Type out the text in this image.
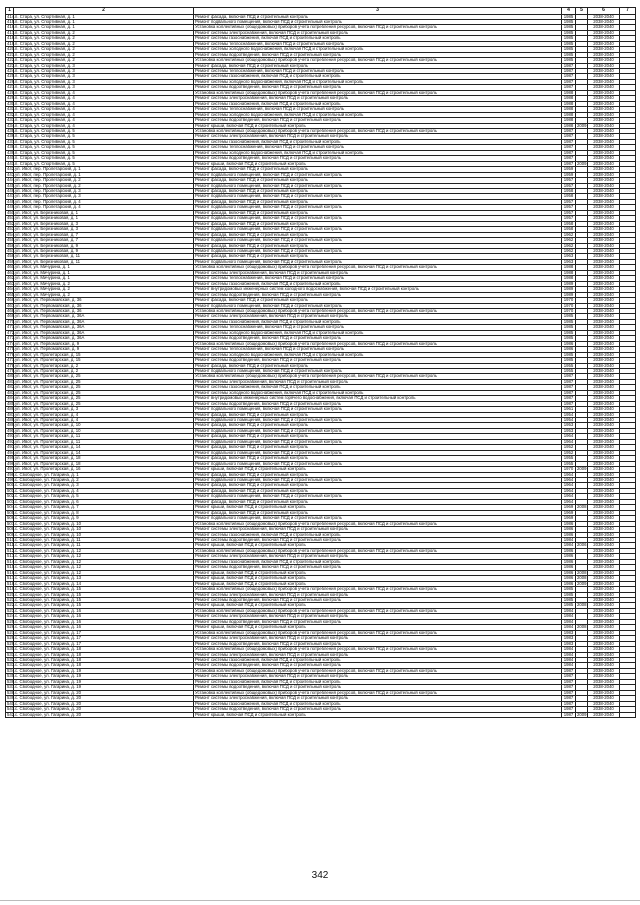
1	2	3	4	5	6	7
414.	п. Стара, ул. Спортивная, д. 1	Ремонт фасада, включая ПСД и строительный контроль	1985		2038-2040	
415.	п. Стара, ул. Спортивная, д. 1	Ремонт подвального помещения, включая ПСД и строительный контроль	1985		2038-2040	
416.	п. Стара, ул. Спортивная, д. 1	Установка коллективных (общедомовых) приборов учета потребления ресурсов, включая ПСД и строительный контроль	1985		2038-2040	
417.	п. Стара, ул. Спортивная, д. 2	Ремонт системы электроснабжения, включая ПСД и строительный контроль	1985		2038-2040	
418.	п. Стара, ул. Спортивная, д. 2	Ремонт системы газоснабжения, включая ПСД и строительный контроль	1985		2038-2040	
419.	п. Стара, ул. Спортивная, д. 2	Ремонт системы теплоснабжения, включая ПСД и строительный контроль	1985		2038-2040	
420.	п. Стара, ул. Спортивная, д. 2	Ремонт системы холодного водоснабжения, включая ПСД и строительный контроль	1985		2038-2040	
421.	п. Стара, ул. Спортивная, д. 2	Ремонт системы водоотведения, включая ПСД и строительный контроль	1985		2038-2040	
422.	п. Стара, ул. Спортивная, д. 2	Установка коллективных (общедомовых) приборов учета потребления ресурсов, включая ПСД и строительный контроль	1985		2038-2040	
423.	п. Стара, ул. Спортивная, д. 3	Ремонт фасада, включая ПСД и строительный контроль	1987		2038-2040	
424.	п. Стара, ул. Спортивная, д. 3	Ремонт системы теплоснабжения, включая ПСД и строительный контроль	1987		2038-2040	
425.	п. Стара, ул. Спортивная, д. 3	Ремонт системы газоснабжения, включая ПСД и строительный контроль	1987		2038-2040	
426.	п. Стара, ул. Спортивная, д. 3	Ремонт системы холодного водоснабжения, включая ПСД и строительный контроль	1987		2038-2040	
427.	п. Стара, ул. Спортивная, д. 3	Ремонт системы водоотведения, включая ПСД и строительный контроль	1987		2038-2040	
428.	п. Стара, ул. Спортивная, д. 4	Установка коллективных (общедомовых) приборов учета потребления ресурсов, включая ПСД и строительный контроль	1988		2038-2040	
429.	п. Стара, ул. Спортивная, д. 4	Ремонт системы электроснабжения, включая ПСД и строительный контроль	1988		2038-2040	
430.	п. Стара, ул. Спортивная, д. 4	Ремонт системы газоснабжения, включая ПСД и строительный контроль	1988		2038-2040	
431.	п. Стара, ул. Спортивная, д. 4	Ремонт системы теплоснабжения, включая ПСД и строительный контроль	1988		2038-2040	
432.	п. Стара, ул. Спортивная, д. 4	Ремонт системы холодного водоснабжения, включая ПСД и строительный контроль	1988		2038-2040	
433.	п. Стара, ул. Спортивная, д. 4	Ремонт системы водоотведения, включая ПСД и строительный контроль	1988		2038-2040	
434.	п. Стара, ул. Спортивная, д. 4	Ремонт крыши, включая ПСД и строительный контроль	1988	2009	2038-2040	
435.	п. Стара, ул. Спортивная, д. 5	Установка коллективных (общедомовых) приборов учета потребления ресурсов, включая ПСД и строительный контроль	1987		2038-2040	
436.	п. Стара, ул. Спортивная, д. 5	Ремонт системы электроснабжения, включая ПСД и строительный контроль	1987		2038-2040	
437.	п. Стара, ул. Спортивная, д. 5	Ремонт системы газоснабжения, включая ПСД и строительный контроль	1987		2038-2040	
438.	п. Стара, ул. Спортивная, д. 5	Ремонт системы теплоснабжения, включая ПСД и строительный контроль	1987		2038-2040	
439.	п. Стара, ул. Спортивная, д. 5	Ремонт системы холодного водоснабжения, включая ПСД и строительный контроль	1987		2038-2040	
440.	п. Стара, ул. Спортивная, д. 5	Ремонт системы водоотведения, включая ПСД и строительный контроль	1987		2038-2040	
441.	п. Стара, ул. Спортивная, д. 5	Ремонт крыши, включая ПСД и строительный контроль	1987	2009	2038-2040	
442.	ул. Ивот, пер. Пролетарский, д. 1	Ремонт фасада, включая ПСД и строительный контроль	1959		2038-2040	
443.	ул. Ивот, пер. Пролетарский, д. 1	Ремонт подвального помещения, включая ПСД и строительный контроль	1959		2038-2040	
444.	ул. Ивот, пер. Пролетарский, д. 2	Ремонт фасада, включая ПСД и строительный контроль	1957		2038-2040	
445.	ул. Ивот, пер. Пролетарский, д. 2	Ремонт подвального помещения, включая ПСД и строительный контроль	1957		2038-2040	
446.	ул. Ивот, пер. Пролетарский, д. 3	Ремонт фасада, включая ПСД и строительный контроль	1958		2038-2040	
447.	ул. Ивот, пер. Пролетарский, д. 3	Ремонт подвального помещения, включая ПСД и строительный контроль	1958		2038-2040	
448.	ул. Ивот, пер. Пролетарский, д. 4	Ремонт фасада, включая ПСД и строительный контроль	1957		2038-2040	
449.	ул. Ивот, пер. Пролетарский, д. 4	Ремонт подвального помещения, включая ПСД и строительный контроль	1957		2038-2040	
450.	ул. Ивот, ул. Березниковая, д. 1	Ремонт фасада, включая ПСД и строительный контроль	1957		2038-2040	
451.	ул. Ивот, ул. Березниковая, д. 1	Ремонт подвального помещения, включая ПСД и строительный контроль	1957		2038-2040	
452.	ул. Ивот, ул. Березниковая, д. 3	Ремонт фасада, включая ПСД и строительный контроль	1958		2038-2040	
453.	ул. Ивот, ул. Березниковая, д. 3	Ремонт подвального помещения, включая ПСД и строительный контроль	1958		2038-2040	
454.	ул. Ивот, ул. Березниковая, д. 7	Ремонт фасада, включая ПСД и строительный контроль	1962		2038-2040	
455.	ул. Ивот, ул. Березниковая, д. 7	Ремонт подвального помещения, включая ПСД и строительный контроль	1962		2038-2040	
456.	ул. Ивот, ул. Березниковая, д. 9	Ремонт фасада, включая ПСД и строительный контроль	1962		2038-2040	
457.	ул. Ивот, ул. Березниковая, д. 9	Ремонт подвального помещения, включая ПСД и строительный контроль	1962		2038-2040	
458.	ул. Ивот, ул. Березниковая, д. 11	Ремонт фасада, включая ПСД и строительный контроль	1963		2038-2040	
459.	ул. Ивот, ул. Березниковая, д. 11	Ремонт подвального помещения, включая ПСД и строительный контроль	1963		2038-2040	
460.	ул. Ивот, ул. Мичурина, д. 1	Установка коллективных (общедомовых) приборов учета потребления ресурсов, включая ПСД и строительный контроль	1988		2038-2040	
461.	ул. Ивот, ул. Мичурина, д. 1	Ремонт системы электроснабжения, включая ПСД и строительный контроль	1988		2038-2040	
462.	ул. Ивот, ул. Мичурина, д. 1	Ремонт системы теплоснабжения, включая ПСД и строительный контроль	1988		2038-2040	
463.	ул. Ивот, ул. Мичурина, д. 2	Ремонт системы газоснабжения, включая ПСД и строительный контроль	1989		2038-2040	
464.	ул. Ивот, ул. Мичурина, д. 2	Ремонт внутридомовых инженерных систем холодного водоснабжения, включая ПСД и строительный контроль	1989		2038-2040	
465.	ул. Ивот, ул. Мичурина, д. 2	Ремонт системы водоотведения, включая ПСД и строительный контроль	1989		2038-2040	
466.	ул. Ивот, ул. Первомайская, д. 36	Ремонт фасада, включая ПСД и строительный контроль	1970		2038-2040	
467.	ул. Ивот, ул. Первомайская, д. 36	Ремонт подвального помещения, включая ПСД и строительный контроль	1970		2038-2040	
468.	ул. Ивот, ул. Первомайская, д. 36	Установка коллективных (общедомовых) приборов учета потребления ресурсов, включая ПСД и строительный контроль	1970		2038-2040	
469.	ул. Ивот, ул. Первомайская, д. 36А	Ремонт системы электроснабжения, включая ПСД и строительный контроль	1985		2038-2040	
470.	ул. Ивот, ул. Первомайская, д. 36А	Ремонт системы газоснабжения, включая ПСД и строительный контроль	1985		2038-2040	
471.	ул. Ивот, ул. Первомайская, д. 36А	Ремонт системы теплоснабжения, включая ПСД и строительный контроль	1985		2038-2040	
472.	ул. Ивот, ул. Первомайская, д. 36А	Ремонт системы холодного водоснабжения, включая ПСД и строительный контроль	1985		2038-2040	
473.	ул. Ивот, ул. Первомайская, д. 36А	Ремонт системы водоотведения, включая ПСД и строительный контроль	1985		2038-2040	
474.	ул. Ивот, ул. Первомайская, д. 9	Установка коллективных (общедомовых) приборов учета потребления ресурсов, включая ПСД и строительный контроль	1986		2038-2040	
475.	ул. Ивот, ул. Первомайская, д. 9	Ремонт системы теплоснабжения, включая ПСД и строительный контроль	1986		2038-2040	
476.	ул. Ивот, ул. Пролетарская, д. 15	Ремонт системы холодного водоснабжения, включая ПСД и строительный контроль	1985		2038-2040	
477.	ул. Ивот, ул. Пролетарская, д. 15	Ремонт системы водоотведения, включая ПСД и строительный контроль	1985		2038-2040	
478.	ул. Ивот, ул. Пролетарская, д. 2	Ремонт фасада, включая ПСД и строительный контроль	1955		2038-2040	
479.	ул. Ивот, ул. Пролетарская, д. 2	Ремонт подвального помещения, включая ПСД и строительный контроль	1955		2038-2040	
480.	ул. Ивот, ул. Пролетарская, д. 25	Установка коллективных (общедомовых) приборов учета потребления ресурсов, включая ПСД и строительный контроль	1987		2038-2040	
481.	ул. Ивот, ул. Пролетарская, д. 25	Ремонт системы электроснабжения, включая ПСД и строительный контроль	1987		2038-2040	
482.	ул. Ивот, ул. Пролетарская, д. 25	Ремонт системы газоснабжения, включая ПСД и строительный контроль	1987		2038-2040	
483.	ул. Ивот, ул. Пролетарская, д. 25	Ремонт системы холодного водоснабжения, включая ПСД и строительный контроль	1987		2038-2040	
484.	ул. Ивот, ул. Пролетарская, д. 25	Ремонт внутридомовых инженерных систем горячего водоснабжения, включая ПСД и строительный контроль	1987		2038-2040	
485.	ул. Ивот, ул. Пролетарская, д. 25	Ремонт системы водоотведения, включая ПСД и строительный контроль	1987		2038-2040	
486.	ул. Ивот, ул. Пролетарская, д. 3	Ремонт подвального помещения, включая ПСД и строительный контроль	1961		2038-2040	
487.	ул. Ивот, ул. Пролетарская, д. 4	Ремонт фасада, включая ПСД и строительный контроль	1954		2038-2040	
488.	ул. Ивот, ул. Пролетарская, д. 4	Ремонт подвального помещения, включая ПСД и строительный контроль	1954		2038-2040	
489.	ул. Ивот, ул. Пролетарская, д. 10	Ремонт фасада, включая ПСД и строительный контроль	1953		2038-2040	
490.	ул. Ивот, ул. Пролетарская, д. 10	Ремонт подвального помещения, включая ПСД и строительный контроль	1953		2038-2040	
491.	ул. Ивот, ул. Пролетарская, д. 11	Ремонт фасада, включая ПСД и строительный контроль	1964		2038-2040	
492.	ул. Ивот, ул. Пролетарская, д. 11	Ремонт подвального помещения, включая ПСД и строительный контроль	1964		2038-2040	
493.	ул. Ивот, ул. Пролетарская, д. 14	Ремонт фасада, включая ПСД и строительный контроль	1952		2038-2040	
494.	ул. Ивот, ул. Пролетарская, д. 14	Ремонт подвального помещения, включая ПСД и строительный контроль	1952		2038-2040	
495.	ул. Ивот, ул. Пролетарская, д. 18	Ремонт фасада, включая ПСД и строительный контроль	1955		2038-2040	
496.	ул. Ивот, ул. Пролетарская, д. 18	Ремонт подвального помещения, включая ПСД и строительный контроль	1955		2038-2040	
497.	ул. Ивот, ул. Пролетарская, д. 16	Ремонт крыши, включая ПСД и строительный контроль	1970	2009	2038-2040	
498.	с. Свободное, ул. Гагарина, д. 1	Ремонт фасада, включая ПСД и строительный контроль	1964		2038-2040	
499.	с. Свободное, ул. Гагарина, д. 2	Ремонт подвального помещения, включая ПСД и строительный контроль	1964		2038-2040	
500.	с. Свободное, ул. Гагарина, д. 3	Ремонт фасада, включая ПСД и строительный контроль	1964		2038-2040	
501.	с. Свободное, ул. Гагарина, д. 4	Ремонт фасада, включая ПСД и строительный контроль	1964		2038-2040	
502.	с. Свободное, ул. Гагарина, д. 5	Ремонт подвального помещения, включая ПСД и строительный контроль	1964		2038-2040	
503.	с. Свободное, ул. Гагарина, д. 6	Ремонт фасада, включая ПСД и строительный контроль	1964		2038-2040	
504.	с. Свободное, ул. Гагарина, д. 7	Ремонт крыши, включая ПСД и строительный контроль	1969	2008	2038-2040	
505.	с. Свободное, ул. Гагарина, д. 8	Ремонт фасада, включая ПСД и строительный контроль	1969		2038-2040	
506.	с. Свободное, ул. Гагарина, д. 9	Ремонт подвального помещения, включая ПСД и строительный контроль	1969		2038-2040	
507.	с. Свободное, ул. Гагарина, д. 10	Установка коллективных (общедомовых) приборов учета потребления ресурсов, включая ПСД и строительный контроль	1986		2038-2040	
508.	с. Свободное, ул. Гагарина, д. 10	Ремонт системы электроснабжения, включая ПСД и строительный контроль	1986		2038-2040	
509.	с. Свободное, ул. Гагарина, д. 10	Ремонт системы газоснабжения, включая ПСД и строительный контроль	1986		2038-2040	
510.	с. Свободное, ул. Гагарина, д. 11	Ремонт системы водоотведения, включая ПСД и строительный контроль	1984		2038-2040	
511.	с. Свободное, ул. Гагарина, д. 11	Ремонт крыши, включая ПСД и строительный контроль	1984	2006	2038-2040	
512.	с. Свободное, ул. Гагарина, д. 12	Установка коллективных (общедомовых) приборов учета потребления ресурсов, включая ПСД и строительный контроль	1986		2038-2040	
513.	с. Свободное, ул. Гагарина, д. 12	Ремонт системы электроснабжения, включая ПСД и строительный контроль	1986		2038-2040	
514.	с. Свободное, ул. Гагарина, д. 12	Ремонт системы газоснабжения, включая ПСД и строительный контроль	1986		2038-2040	
515.	с. Свободное, ул. Гагарина, д. 12	Ремонт системы водоотведения, включая ПСД и строительный контроль	1986		2038-2040	
516.	с. Свободное, ул. Гагарина, д. 12	Ремонт крыши, включая ПСД и строительный контроль	1986	2008	2038-2040	
517.	с. Свободное, ул. Гагарина, д. 13	Ремонт крыши, включая ПСД и строительный контроль	1986	2008	2038-2040	
518.	с. Свободное, ул. Гагарина, д. 14	Ремонт крыши, включая ПСД и строительный контроль	1986	2009	2038-2040	
519.	с. Свободное, ул. Гагарина, д. 15	Установка коллективных (общедомовых) приборов учета потребления ресурсов, включая ПСД и строительный контроль	1985		2038-2040	
520.	с. Свободное, ул. Гагарина, д. 15	Ремонт системы электроснабжения, включая ПСД и строительный контроль	1985		2038-2040	
521.	с. Свободное, ул. Гагарина, д. 15	Ремонт системы водоотведения, включая ПСД и строительный контроль	1985		2038-2040	
522.	с. Свободное, ул. Гагарина, д. 15	Ремонт крыши, включая ПСД и строительный контроль	1985	2008	2038-2040	
523.	с. Свободное, ул. Гагарина, д. 16	Установка коллективных (общедомовых) приборов учета потребления ресурсов, включая ПСД и строительный контроль	1984		2038-2040	
524.	с. Свободное, ул. Гагарина, д. 16	Ремонт системы электроснабжения, включая ПСД и строительный контроль	1984		2038-2040	
525.	с. Свободное, ул. Гагарина, д. 16	Ремонт системы водоотведения, включая ПСД и строительный контроль	1984		2038-2040	
526.	с. Свободное, ул. Гагарина, д. 16	Ремонт крыши, включая ПСД и строительный контроль	1984	2008	2038-2040	
527.	с. Свободное, ул. Гагарина, д. 17	Установка коллективных (общедомовых) приборов учета потребления ресурсов, включая ПСД и строительный контроль	1983		2038-2040	
528.	с. Свободное, ул. Гагарина, д. 17	Ремонт системы электроснабжения, включая ПСД и строительный контроль	1983		2038-2040	
529.	с. Свободное, ул. Гагарина, д. 17	Ремонт системы водоотведения, включая ПСД и строительный контроль	1983		2038-2040	
530.	с. Свободное, ул. Гагарина, д. 18	Установка коллективных (общедомовых) приборов учета потребления ресурсов, включая ПСД и строительный контроль	1984		2038-2040	
531.	с. Свободное, ул. Гагарина, д. 18	Ремонт системы электроснабжения, включая ПСД и строительный контроль	1984		2038-2040	
532.	с. Свободное, ул. Гагарина, д. 18	Ремонт системы газоснабжения, включая ПСД и строительный контроль	1984		2038-2040	
533.	с. Свободное, ул. Гагарина, д. 18	Ремонт системы водоотведения, включая ПСД и строительный контроль	1984		2038-2040	
534.	с. Свободное, ул. Гагарина, д. 19	Установка коллективных (общедомовых) приборов учета потребления ресурсов, включая ПСД и строительный контроль	1987		2038-2040	
535.	с. Свободное, ул. Гагарина, д. 19	Ремонт системы электроснабжения, включая ПСД и строительный контроль	1987		2038-2040	
536.	с. Свободное, ул. Гагарина, д. 19	Ремонт системы газоснабжения, включая ПСД и строительный контроль	1987		2038-2040	
537.	с. Свободное, ул. Гагарина, д. 19	Ремонт системы водоотведения, включая ПСД и строительный контроль	1987		2038-2040	
538.	с. Свободное, ул. Гагарина, д. 20	Установка коллективных (общедомовых) приборов учета потребления ресурсов, включая ПСД и строительный контроль	1987		2038-2040	
539.	с. Свободное, ул. Гагарина, д. 20	Ремонт системы электроснабжения, включая ПСД и строительный контроль	1987		2038-2040	
540.	с. Свободное, ул. Гагарина, д. 20	Ремонт системы газоснабжения, включая ПСД и строительный контроль	1987		2038-2040	
541.	с. Свободное, ул. Гагарина, д. 20	Ремонт системы водоотведения, включая ПСД и строительный контроль	1987		2038-2040	
542.	с. Свободное, ул. Гагарина, д. 20	Ремонт крыши, включая ПСД и строительный контроль	1987	2009	2038-2040	
342
